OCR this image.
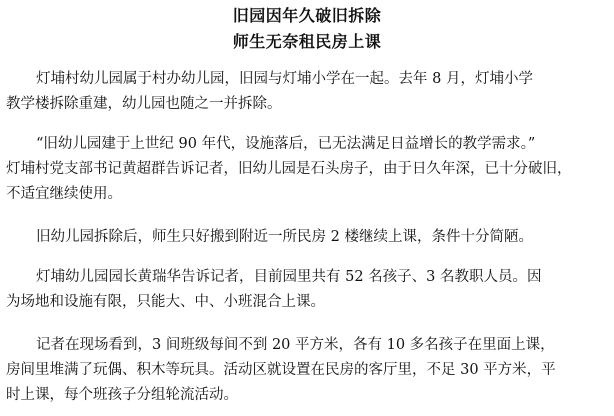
旧园因年久破旧拆除
师生无奈租民房上课
灯埔村幼儿园属于村办幼儿园，旧园与灯埔小学在一起。去年 8 月，灯埔小学
教学楼拆除重建，幼儿园也随之一并拆除。
“旧幼儿园建于上世纪 90 年代，设施落后，已无法满足日益增长的教学需求。”
灯埔村党支部书记黄超群告诉记者，旧幼儿园是石头房子，由于日久年深，已十分破旧，
不适宜继续使用。
旧幼儿园拆除后，师生只好搬到附近一所民房 2 楼继续上课，条件十分简陋。
灯埔幼儿园园长黄瑞华告诉记者，目前园里共有 52 名孩子、3 名教职人员。因
为场地和设施有限，只能大、中、小班混合上课。
记者在现场看到，3 间班级每间不到 20 平方米，各有 10 多名孩子在里面上课，
房间里堆满了玩偶、积木等玩具。活动区就设置在民房的客厅里，不足 30 平方米，平
时上课，每个班孩子分组轮流活动。
